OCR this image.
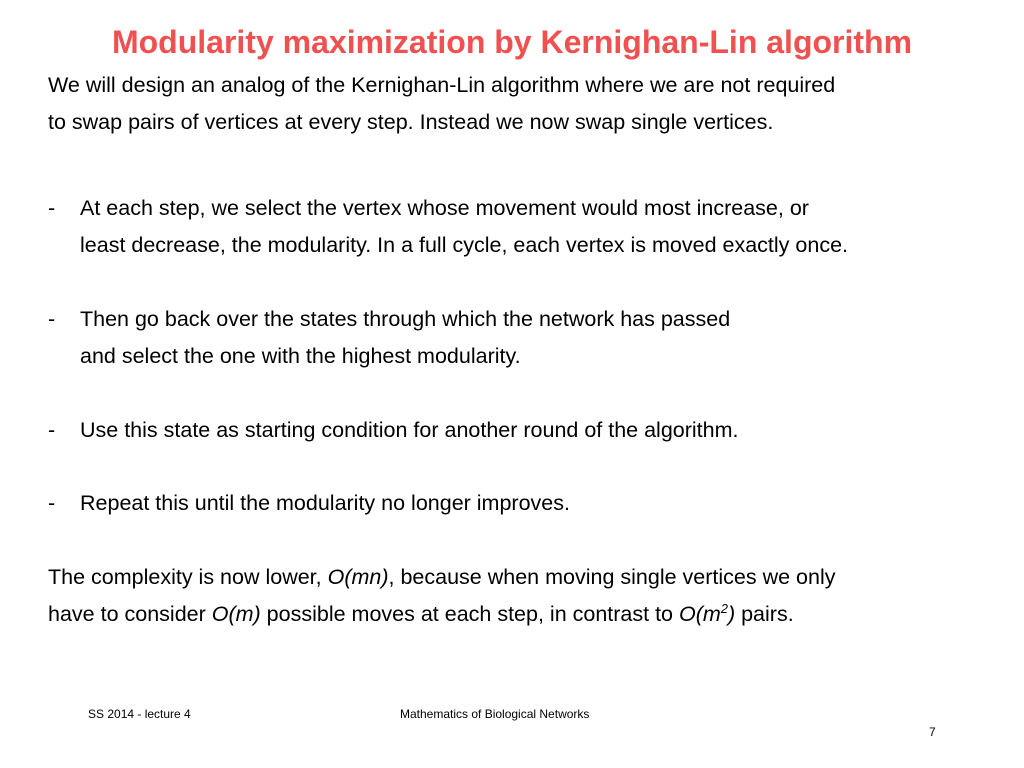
Modularity maximization by Kernighan-Lin algorithm

We will design an analog of the Kernighan-Lin algorithm where we are not required
to swap pairs of vertices at every step. Instead we now swap single vertices.

- At each step, we select the vertex whose movement would most increase, or
least decrease, the modularity. In a full cycle, each vertex is moved exactly once.
- Then go back over the states through which the network has passed
and select the one with the highest modularity.
- Use this state as starting condition for another round of the algorithm.
- Repeat this until the modularity no longer improves.

The complexity is now lower, O(mn), because when moving single vertices we only
have to consider O(m) possible moves at each step, in contrast to $O(m^2)$ pairs.

SS 2014 - lecture 4	Mathematics of Biological Networks
7
